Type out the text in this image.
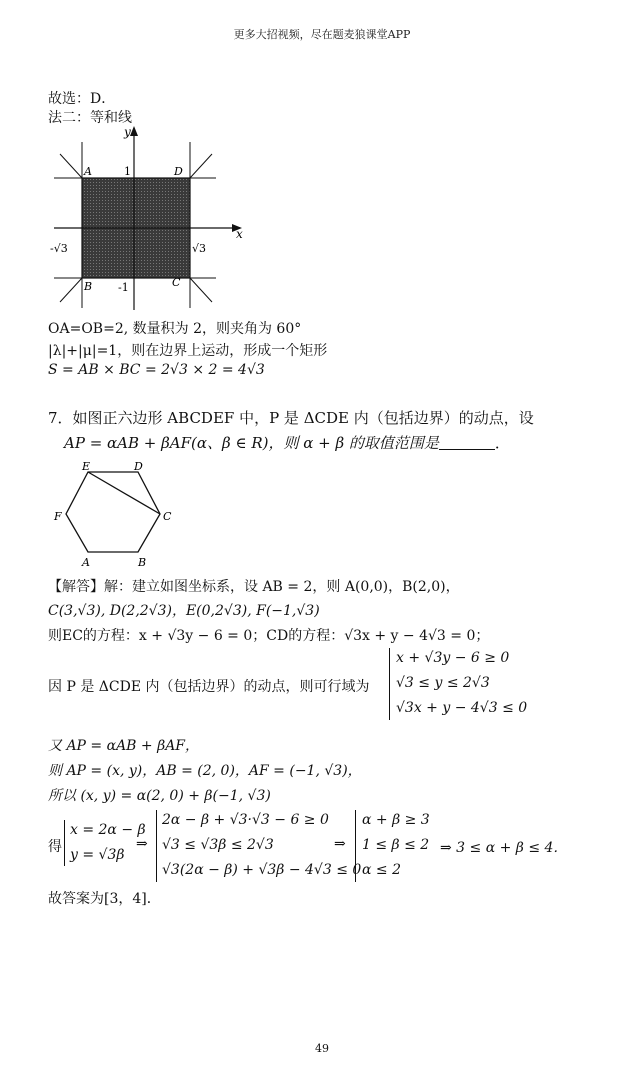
更多大招视频，尽在题麦狼课堂APP
故选：D．
法二：等和线
y
x
A	D
B	C
1
-1
-√3	√3
OA=OB=2, 数量积为 2，则夹角为 60°
|λ|+|μ|=1，则在边界上运动，形成一个矩形
S = AB × BC = 2√3 × 2 = 4√3
7．如图正六边形 ABCDEF 中，P 是 ΔCDE 内（包括边界）的动点，设
AP = αAB + βAF(α、β ∈ R)，则 α + β 的取值范围是	．
A	B
C
D
E
F
【解答】解：建立如图坐标系，设 AB = 2，则 A(0,0)，B(2,0)，
C(3,√3), D(2,2√3)，E(0,2√3), F(−1,√3)
则EC的方程：x + √3y − 6 = 0；CD的方程：√3x + y − 4√3 = 0；
因 P 是 ΔCDE 内（包括边界）的动点，则可行域为
x + √3y − 6 ≥ 0
√3 ≤ y ≤ 2√3
√3x + y − 4√3 ≤ 0
又 AP = αAB + βAF，
则 AP = (x, y)，AB = (2, 0)，AF = (−1, √3)，
所以 (x, y) = α(2, 0) + β(−1, √3)
得
x = 2α − β
y = √3β
⇒
2α − β + √3·√3 − 6 ≥ 0
√3 ≤ √3β ≤ 2√3
√3(2α − β) + √3β − 4√3 ≤ 0
⇒
α + β ≥ 3
1 ≤ β ≤ 2
α ≤ 2
⇒ 3 ≤ α + β ≤ 4．
故答案为[3，4]．
49
